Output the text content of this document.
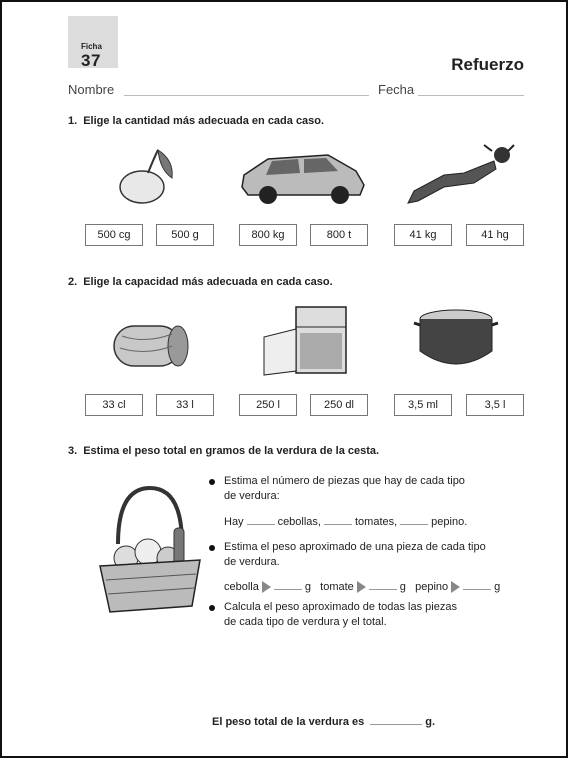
Ficha
37	Refuerzo
Nombre	Fecha
1. Elige la cantidad más adecuada en cada caso.
500 cg	500 g	800 kg	800 t	41 kg	41 hg
2. Elige la capacidad más adecuada en cada caso.
33 cl	33 l	250 l	250 dl	3,5 ml	3,5 l
3. Estima el peso total en gramos de la verdura de la cesta.
Estima el número de piezas que hay de cada tipo
de verdura:
Hay	cebollas,	tomates,	pepino.
Estima el peso aproximado de una pieza de cada tipo
de verdura.
cebolla	g tomate	g pepino	g
Calcula el peso aproximado de todas las piezas
de cada tipo de verdura y el total.
El peso total de la verdura es	g.
